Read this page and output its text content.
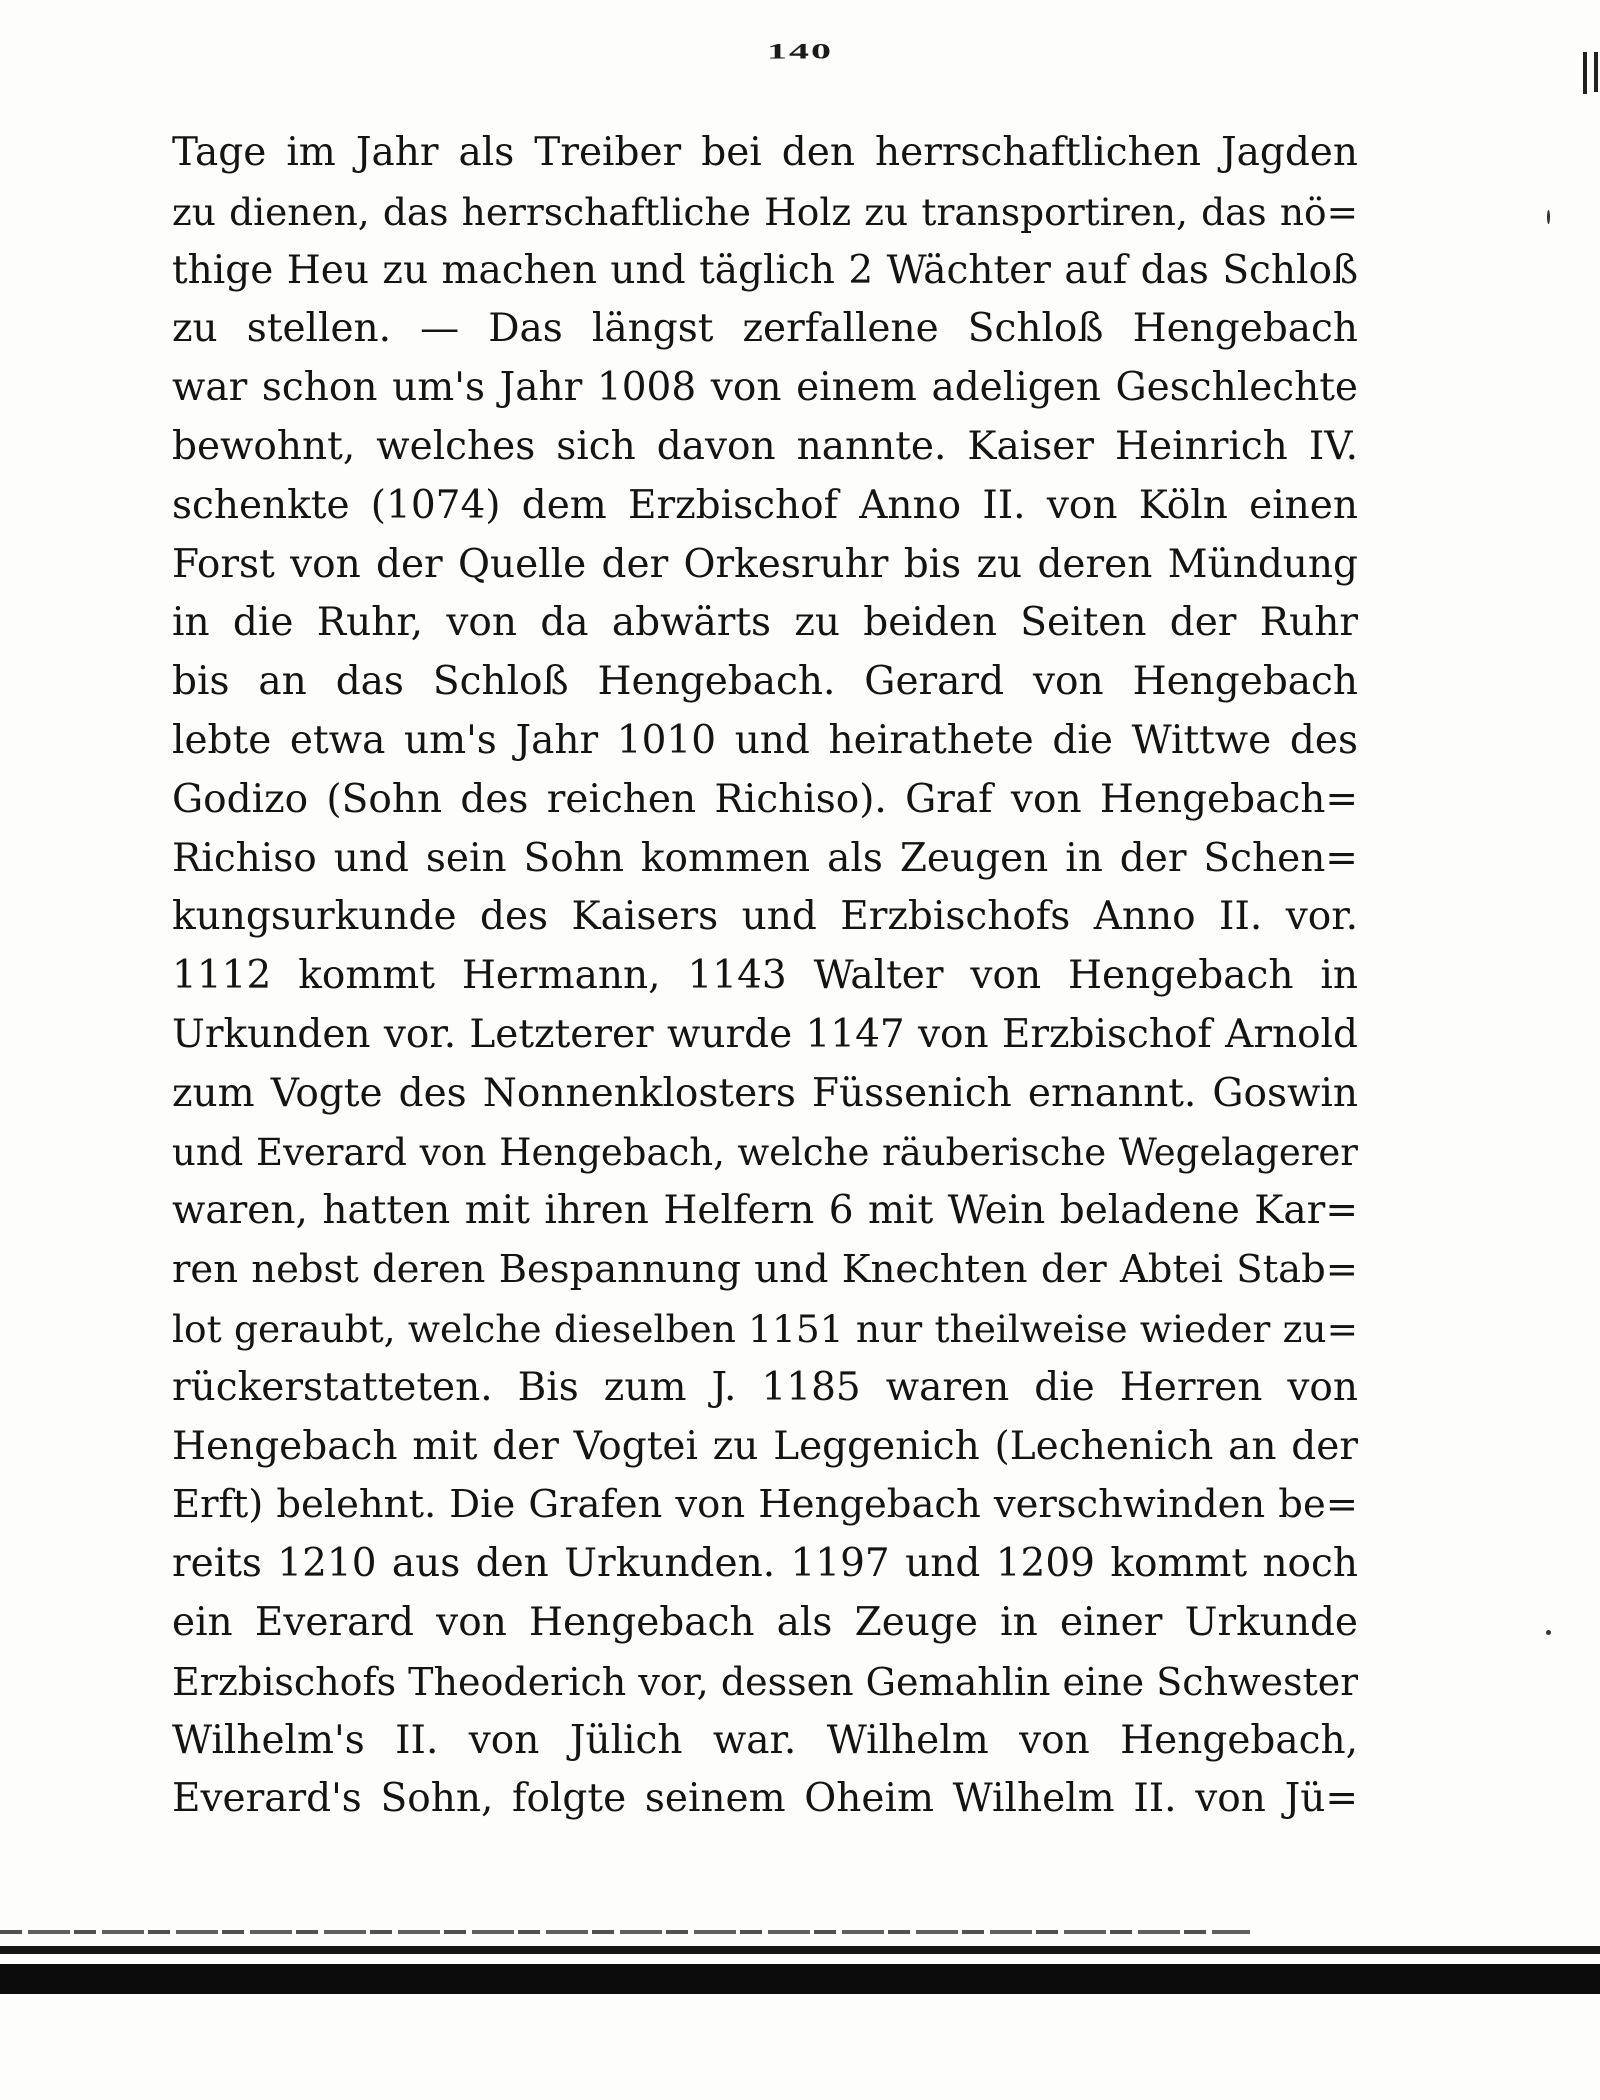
140
Tage im Jahr als Treiber bei den herrschaftlichen Jagden
zu dienen, das herrschaftliche Holz zu transportiren, das nö=
thige Heu zu machen und täglich 2 Wächter auf das Schloß
zu stellen. — Das längst zerfallene Schloß Hengebach
war schon um's Jahr 1008 von einem adeligen Geschlechte
bewohnt, welches sich davon nannte. Kaiser Heinrich IV.
schenkte (1074) dem Erzbischof Anno II. von Köln einen
Forst von der Quelle der Orkesruhr bis zu deren Mündung
in die Ruhr, von da abwärts zu beiden Seiten der Ruhr
bis an das Schloß Hengebach. Gerard von Hengebach
lebte etwa um's Jahr 1010 und heirathete die Wittwe des
Godizo (Sohn des reichen Richiso). Graf von Hengebach=
Richiso und sein Sohn kommen als Zeugen in der Schen=
kungsurkunde des Kaisers und Erzbischofs Anno II. vor.
1112 kommt Hermann, 1143 Walter von Hengebach in
Urkunden vor. Letzterer wurde 1147 von Erzbischof Arnold
zum Vogte des Nonnenklosters Füssenich ernannt. Goswin
und Everard von Hengebach, welche räuberische Wegelagerer
waren, hatten mit ihren Helfern 6 mit Wein beladene Kar=
ren nebst deren Bespannung und Knechten der Abtei Stab=
lot geraubt, welche dieselben 1151 nur theilweise wieder zu=
rückerstatteten. Bis zum J. 1185 waren die Herren von
Hengebach mit der Vogtei zu Leggenich (Lechenich an der
Erft) belehnt. Die Grafen von Hengebach verschwinden be=
reits 1210 aus den Urkunden. 1197 und 1209 kommt noch
ein Everard von Hengebach als Zeuge in einer Urkunde
Erzbischofs Theoderich vor, dessen Gemahlin eine Schwester
Wilhelm's II. von Jülich war. Wilhelm von Hengebach,
Everard's Sohn, folgte seinem Oheim Wilhelm II. von Jü=
